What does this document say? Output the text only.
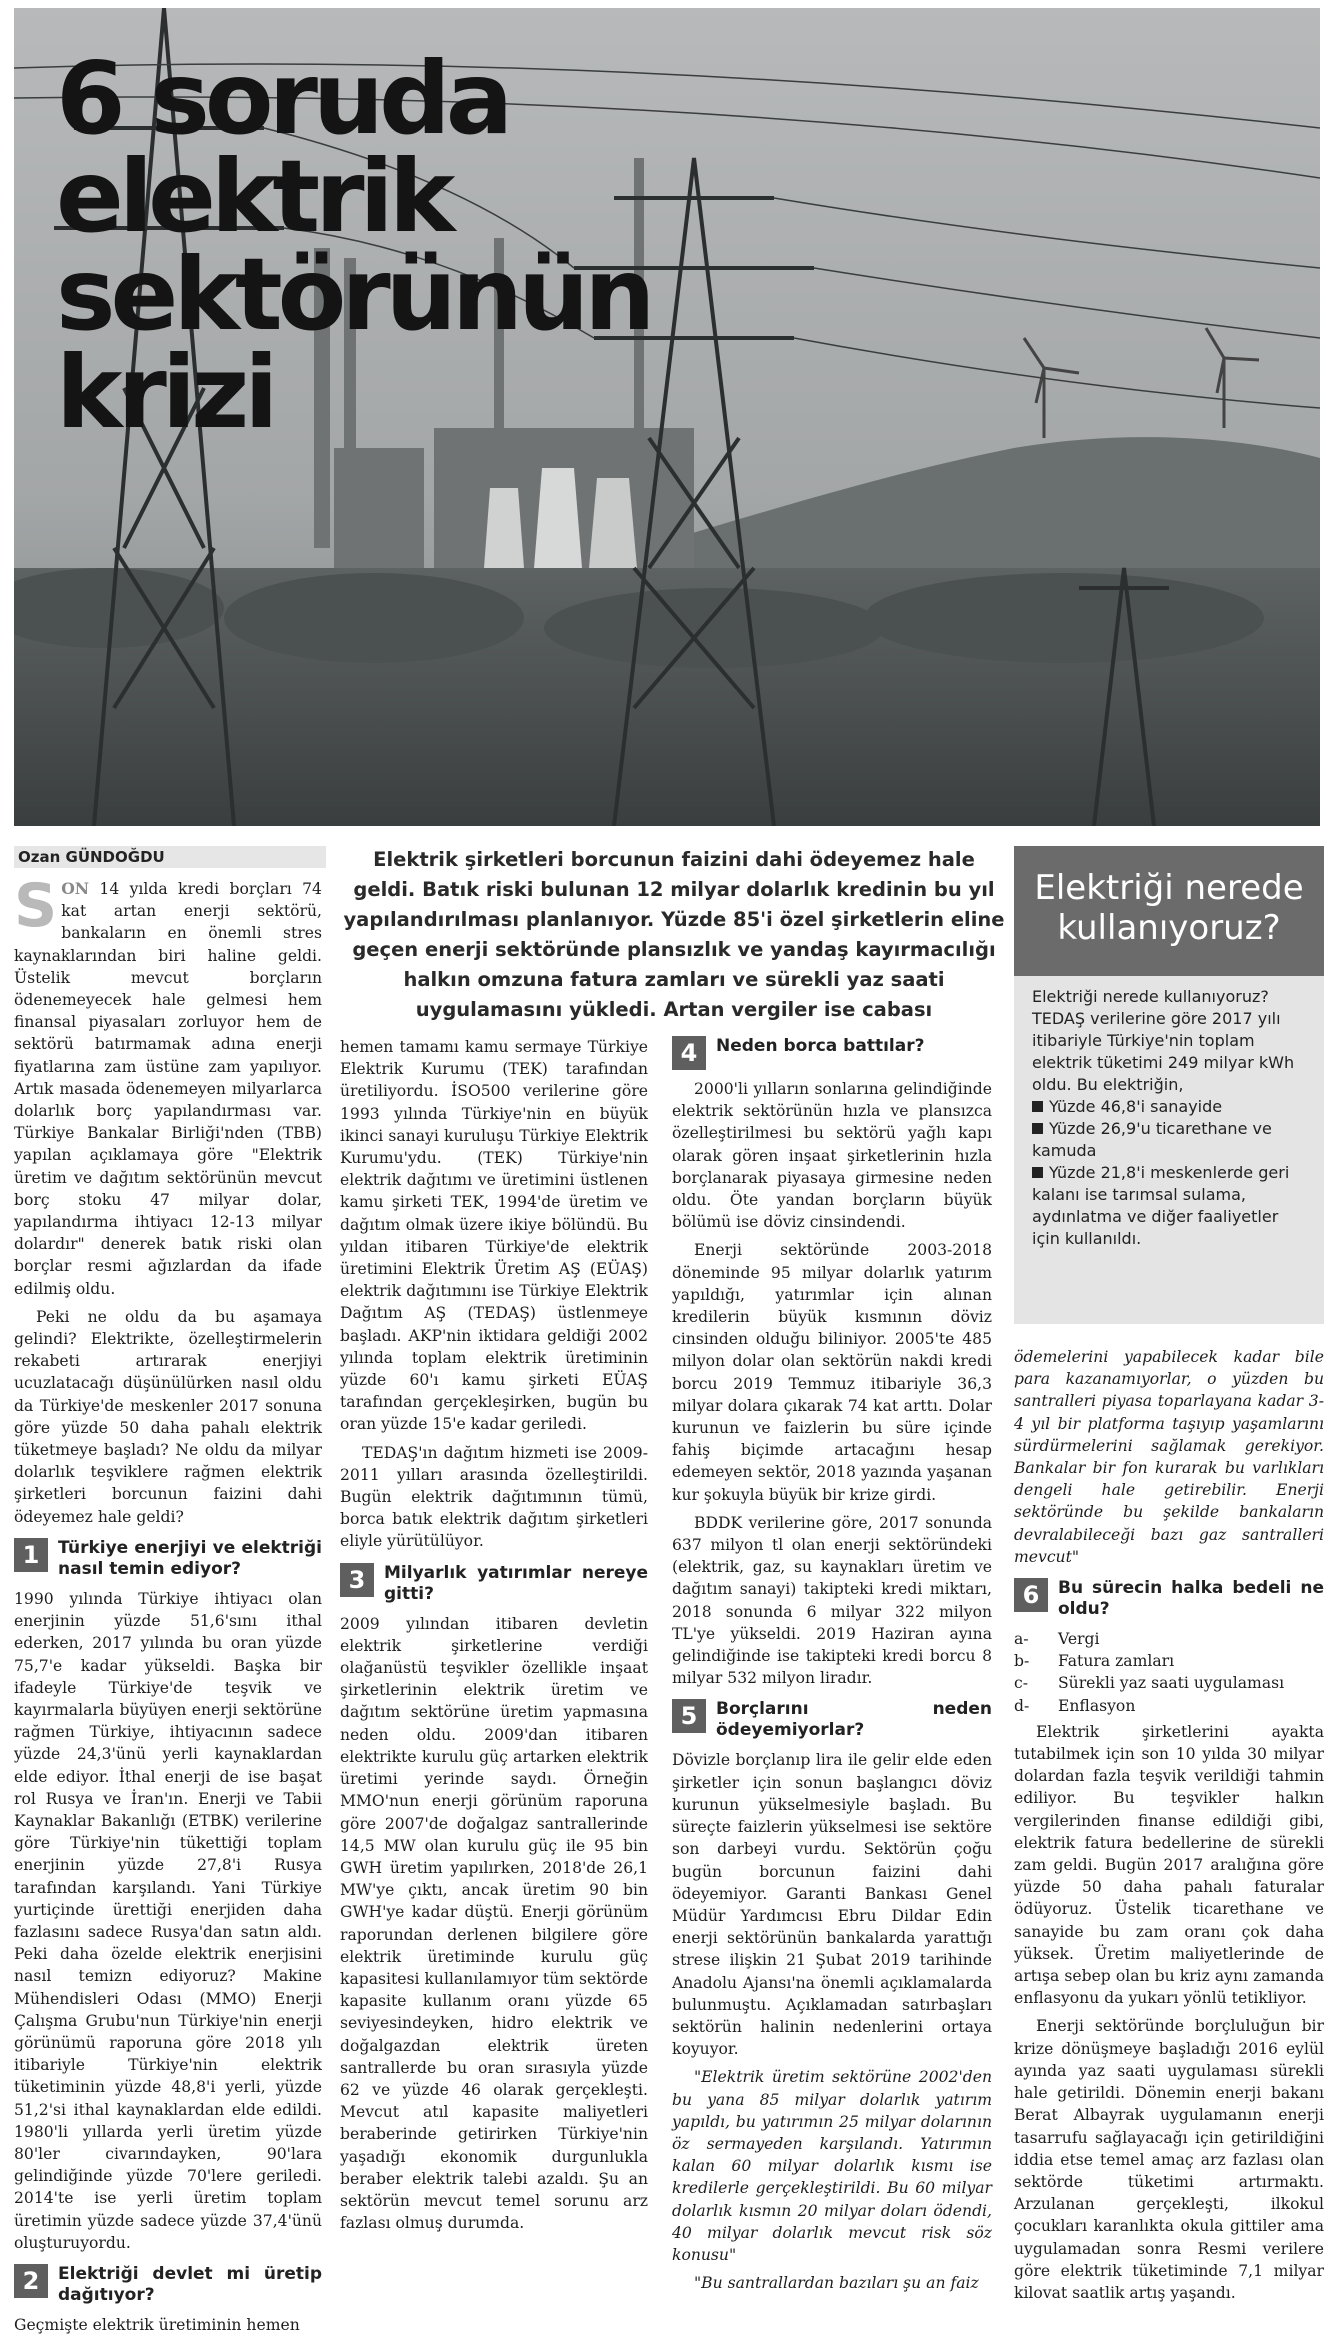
6 soruda
elektrik
sektörünün
krizi
Ozan GÜNDOĞDU	Elektrik şirketleri borcunun faizini dahi ödeyemez hale geldi. Batık riski bulunan 12 milyar dolarlık kredinin bu yıl yapılandırılması planlanıyor. Yüzde 85'i özel şirketlerin eline geçen enerji sektöründe plansızlık ve yandaş kayırmacılığı halkın omzuna fatura zamları ve sürekli yaz saati uygulamasını yükledi. Artan vergiler ise cabası

SON 14 yılda kredi borçları 74 kat artan enerji sektörü, bankaların en önemli stres kaynaklarından biri haline geldi. Üstelik mevcut borçların ödenemeyecek hale gelmesi hem finansal piyasaları zorluyor hem de sektörü batırmamak adına enerji fiyatlarına zam üstüne zam yapılıyor. Artık masada ödenemeyen milyarlarca dolarlık borç yapılandırması var. Türkiye Bankalar Birliği'nden (TBB) yapılan açıklamaya göre "Elektrik üretim ve dağıtım sektörünün mevcut borç stoku 47 milyar dolar, yapılandırma ihtiyacı 12-13 milyar dolardır" denerek batık riski olan borçlar resmi ağızlardan da ifade edilmiş oldu.

Peki ne oldu da bu aşamaya gelindi? Elektrikte, özelleştirmelerin rekabeti artırarak enerjiyi ucuzlatacağı düşünülürken nasıl oldu da Türkiye'de meskenler 2017 sonuna göre yüzde 50 daha pahalı elektrik tüketmeye başladı? Ne oldu da milyar dolarlık teşviklere rağmen elektrik şirketleri borcunun faizini dahi ödeyemez hale geldi?

1	Türkiye enerjiyi ve elektriği nasıl temin ediyor?

1990 yılında Türkiye ihtiyacı olan enerjinin yüzde 51,6'sını ithal ederken, 2017 yılında bu oran yüzde 75,7'e kadar yükseldi. Başka bir ifadeyle Türkiye'de teşvik ve kayırmalarla büyüyen enerji sektörüne rağmen Türkiye, ihtiyacının sadece yüzde 24,3'ünü yerli kaynaklardan elde ediyor. İthal enerji de ise başat rol Rusya ve İran'ın. Enerji ve Tabii Kaynaklar Bakanlığı (ETBK) verilerine göre Türkiye'nin tükettiği toplam enerjinin yüzde 27,8'i Rusya tarafından karşılandı. Yani Türkiye yurtiçinde ürettiği enerjiden daha fazlasını sadece Rusya'dan satın aldı. Peki daha özelde elektrik enerjisini nasıl temizn ediyoruz? Makine Mühendisleri Odası (MMO) Enerji Çalışma Grubu'nun Türkiye'nin enerji görünümü raporuna göre 2018 yılı itibariyle Türkiye'nin elektrik tüketiminin yüzde 48,8'i yerli, yüzde 51,2'si ithal kaynaklardan elde edildi. 1980'li yıllarda yerli üretim yüzde 80'ler civarındayken, 90'lara gelindiğinde yüzde 70'lere geriledi. 2014'te ise yerli üretim toplam üretimin yüzde sadece yüzde 37,4'ünü oluşturuyordu.

2	Elektriği devlet mi üretip dağıtıyor?

Geçmişte elektrik üretiminin hemen

hemen tamamı kamu sermaye Türkiye Elektrik Kurumu (TEK) tarafından üretiliyordu. İSO500 verilerine göre 1993 yılında Türkiye'nin en büyük ikinci sanayi kuruluşu Türkiye Elektrik Kurumu'ydu. (TEK) Türkiye'nin elektrik dağıtımı ve üretimini üstlenen kamu şirketi TEK, 1994'de üretim ve dağıtım olmak üzere ikiye bölündü. Bu yıldan itibaren Türkiye'de elektrik üretimini Elektrik Üretim AŞ (EÜAŞ) elektrik dağıtımını ise Türkiye Elektrik Dağıtım AŞ (TEDAŞ) üstlenmeye başladı. AKP'nin iktidara geldiği 2002 yılında toplam elektrik üretiminin yüzde 60'ı kamu şirketi EÜAŞ tarafından gerçekleşirken, bugün bu oran yüzde 15'e kadar geriledi.

TEDAŞ'ın dağıtım hizmeti ise 2009-2011 yılları arasında özelleştirildi. Bugün elektrik dağıtımının tümü, borca batık elektrik dağıtım şirketleri eliyle yürütülüyor.

3	Milyarlık yatırımlar nereye gitti?

2009 yılından itibaren devletin elektrik şirketlerine verdiği olağanüstü teşvikler özellikle inşaat şirketlerinin elektrik üretim ve dağıtım sektörüne üretim yapmasına neden oldu. 2009'dan itibaren elektrikte kurulu güç artarken elektrik üretimi yerinde saydı. Örneğin MMO'nun enerji görünüm raporuna göre 2007'de doğalgaz santrallerinde 14,5 MW olan kurulu güç ile 95 bin GWH üretim yapılırken, 2018'de 26,1 MW'ye çıktı, ancak üretim 90 bin GWH'ye kadar düştü. Enerji görünüm raporundan derlenen bilgilere göre elektrik üretiminde kurulu güç kapasitesi kullanılamıyor tüm sektörde kapasite kullanım oranı yüzde 65 seviyesindeyken, hidro elektrik ve doğalgazdan elektrik üreten santrallerde bu oran sırasıyla yüzde 62 ve yüzde 46 olarak gerçekleşti. Mevcut atıl kapasite maliyetleri beraberinde getirirken Türkiye'nin yaşadığı ekonomik durgunlukla beraber elektrik talebi azaldı. Şu an sektörün mevcut temel sorunu arz fazlası olmuş durumda.

4	Neden borca battılar?

2000'li yılların sonlarına gelindiğinde elektrik sektörünün hızla ve plansızca özelleştirilmesi bu sektörü yağlı kapı olarak gören inşaat şirketlerinin hızla borçlanarak piyasaya girmesine neden oldu. Öte yandan borçların büyük bölümü ise döviz cinsindendi.

Enerji sektöründe 2003-2018 döneminde 95 milyar dolarlık yatırım yapıldığı, yatırımlar için alınan kredilerin büyük kısmının döviz cinsinden olduğu biliniyor. 2005'te 485 milyon dolar olan sektörün nakdi kredi borcu 2019 Temmuz itibariyle 36,3 milyar dolara çıkarak 74 kat arttı. Dolar kurunun ve faizlerin bu süre içinde fahiş biçimde artacağını hesap edemeyen sektör, 2018 yazında yaşanan kur şokuyla büyük bir krize girdi.

BDDK verilerine göre, 2017 sonunda 637 milyon tl olan enerji sektöründeki (elektrik, gaz, su kaynakları üretim ve dağıtım sanayi) takipteki kredi miktarı, 2018 sonunda 6 milyar 322 milyon TL'ye yükseldi. 2019 Haziran ayına gelindiğinde ise takipteki kredi borcu 8 milyar 532 milyon liradır.

5	Borçlarını neden ödeyemiyorlar?

Dövizle borçlanıp lira ile gelir elde eden şirketler için sonun başlangıcı döviz kurunun yükselmesiyle başladı. Bu süreçte faizlerin yükselmesi ise sektöre son darbeyi vurdu. Sektörün çoğu bugün borcunun faizini dahi ödeyemiyor. Garanti Bankası Genel Müdür Yardımcısı Ebru Dildar Edin enerji sektörünün bankalarda yarattığı strese ilişkin 21 Şubat 2019 tarihinde Anadolu Ajansı'na önemli açıklamalarda bulunmuştu. Açıklamadan satırbaşları sektörün halinin nedenlerini ortaya koyuyor.

"Elektrik üretim sektörüne 2002'den bu yana 85 milyar dolarlık yatırım yapıldı, bu yatırımın 25 milyar dolarının öz sermayeden karşılandı. Yatırımın kalan 60 milyar dolarlık kısmı ise kredilerle gerçekleştirildi. Bu 60 milyar dolarlık kısmın 20 milyar doları ödendi, 40 milyar dolarlık mevcut risk söz konusu"

"Bu santrallardan bazıları şu an faiz

Elektriği nerede kullanıyoruz?
Elektriği nerede kullanıyoruz? TEDAŞ verilerine göre 2017 yılı itibariyle Türkiye'nin toplam elektrik tüketimi 249 milyar kWh oldu. Bu elektriğin,
Yüzde 46,8'i sanayide
Yüzde 26,9'u ticarethane ve kamuda
Yüzde 21,8'i meskenlerde geri kalanı ise tarımsal sulama, aydınlatma ve diğer faaliyetler için kullanıldı.

ödemelerini yapabilecek kadar bile para kazanamıyorlar, o yüzden bu santralleri piyasa toparlayana kadar 3-4 yıl bir platforma taşıyıp yaşamlarını sürdürmelerini sağlamak gerekiyor. Bankalar bir fon kurarak bu varlıkları dengeli hale getirebilir. Enerji sektöründe bu şekilde bankaların devralabileceği bazı gaz santralleri mevcut"

6	Bu sürecin halka bedeli ne oldu?
a-	Vergi
b-	Fatura zamları
c-	Sürekli yaz saati uygulaması
d-	Enflasyon

Elektrik şirketlerini ayakta tutabilmek için son 10 yılda 30 milyar dolardan fazla teşvik verildiği tahmin ediliyor. Bu teşvikler halkın vergilerinden finanse edildiği gibi, elektrik fatura bedellerine de sürekli zam geldi. Bugün 2017 aralığına göre yüzde 50 daha pahalı faturalar ödüyoruz. Üstelik ticarethane ve sanayide bu zam oranı çok daha yüksek. Üretim maliyetlerinde de artışa sebep olan bu kriz aynı zamanda enflasyonu da yukarı yönlü tetikliyor.

Enerji sektöründe borçluluğun bir krize dönüşmeye başladığı 2016 eylül ayında yaz saati uygulaması sürekli hale getirildi. Dönemin enerji bakanı Berat Albayrak uygulamanın enerji tasarrufu sağlayacağı için getirildiğini iddia etse temel amaç arz fazlası olan sektörde tüketimi artırmaktı. Arzulanan gerçekleşti, ilkokul çocukları karanlıkta okula gittiler ama uygulamadan sonra Resmi verilere göre elektrik tüketiminde 7,1 milyar kilovat saatlik artış yaşandı.
